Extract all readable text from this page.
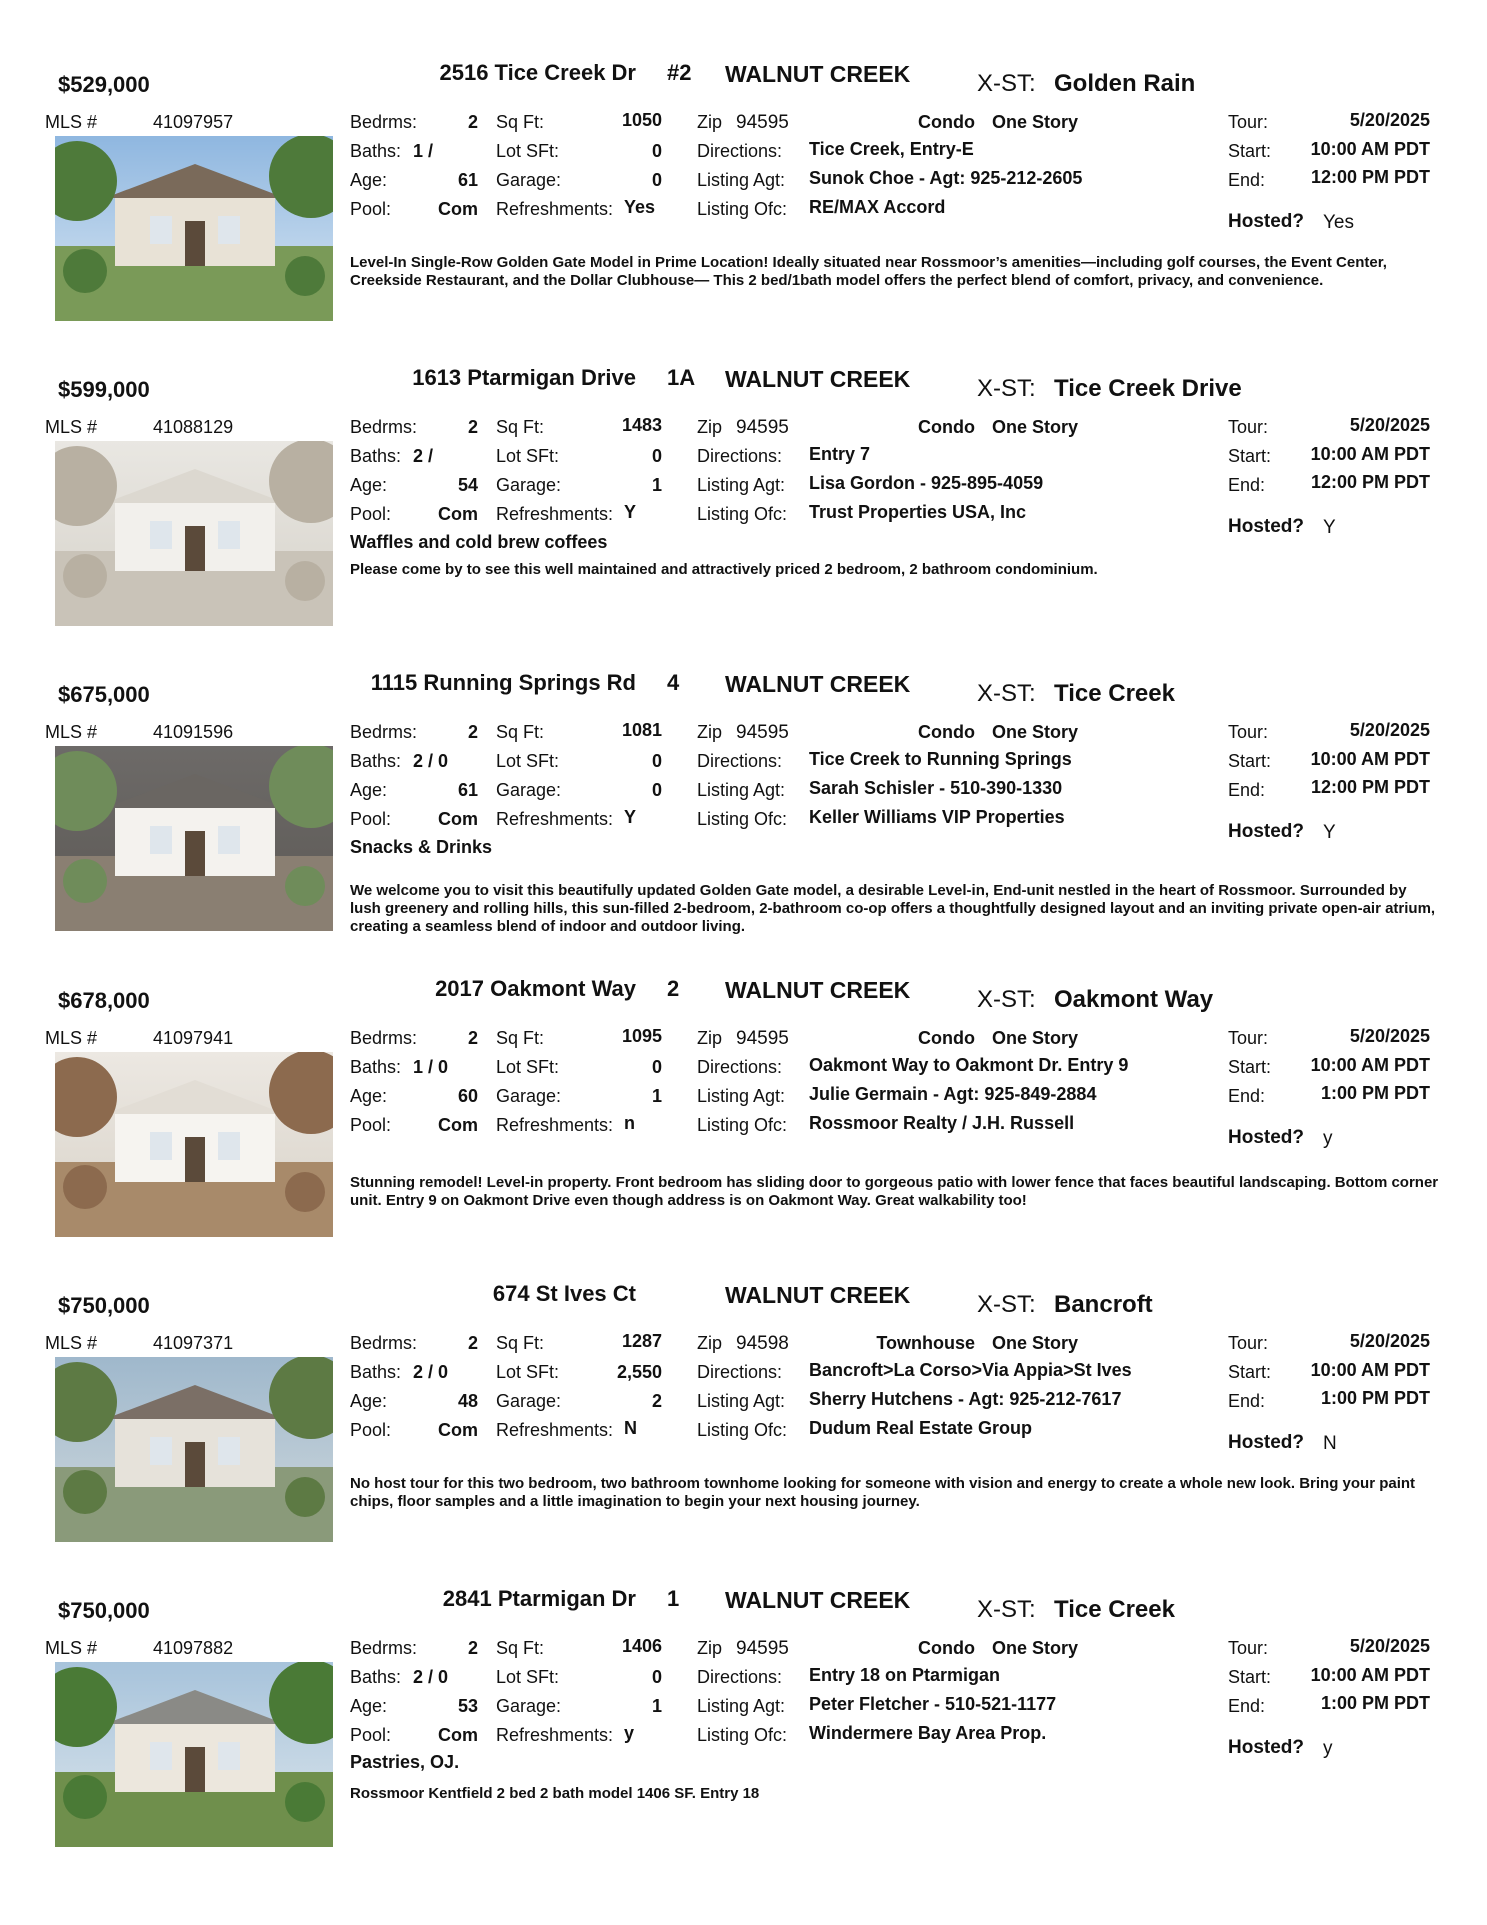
$529,000	2516 Tice Creek Dr #2 WALNUT CREEK	X-ST: Golden Rain
MLS #	41097957	Bedrms:	2
Baths: 1 /
Age:	61
Pool:	Com
Sq Ft:	1050
Lot SFt:	0
Garage:	0
Refreshments: Yes
Zip 94595	Condo One Story
Directions: Tice Creek, Entry-E
Listing Agt: Sunok Choe - Agt: 925-212-2605
Listing Ofc: RE/MAX Accord
Tour:	5/20/2025
Start:	10:00 AM PDT
End:	12:00 PM PDT
Hosted? Yes
Level-In Single-Row Golden Gate Model in Prime Location! Ideally situated near Rossmoor’s amenities—including golf courses, the Event Center, Creekside Restaurant, and the Dollar Clubhouse— This 2 bed/1bath model offers the perfect blend of comfort, privacy, and convenience.
$599,000	1613 Ptarmigan Drive 1A WALNUT CREEK	X-ST: Tice Creek Drive
MLS #	41088129	Bedrms:	2
Baths: 2 /
Age:	54
Pool:	Com
Sq Ft:	1483
Lot SFt:	0
Garage:	1
Refreshments: Y
Zip 94595	Condo One Story
Directions: Entry 7
Listing Agt: Lisa Gordon - 925-895-4059
Listing Ofc: Trust Properties USA, Inc
Tour:	5/20/2025
Start:	10:00 AM PDT
End:	12:00 PM PDT
Hosted? Y
Waffles and cold brew coffees
Please come by to see this well maintained and attractively priced 2 bedroom, 2 bathroom condominium.
$675,000	1115 Running Springs Rd 4 WALNUT CREEK	X-ST: Tice Creek
MLS #	41091596	Bedrms:	2
Baths: 2 / 0
Age:	61
Pool:	Com
Sq Ft:	1081
Lot SFt:	0
Garage:	0
Refreshments: Y
Zip 94595	Condo One Story
Directions: Tice Creek to Running Springs
Listing Agt: Sarah Schisler - 510-390-1330
Listing Ofc: Keller Williams VIP Properties
Tour:	5/20/2025
Start:	10:00 AM PDT
End:	12:00 PM PDT
Hosted? Y
Snacks & Drinks
We welcome you to visit this beautifully updated Golden Gate model, a desirable Level-in, End-unit nestled in the heart of Rossmoor. Surrounded by lush greenery and rolling hills, this sun-filled 2-bedroom, 2-bathroom co-op offers a thoughtfully designed layout and an inviting private open-air atrium, creating a seamless blend of indoor and outdoor living.
$678,000	2017 Oakmont Way 2 WALNUT CREEK	X-ST: Oakmont Way
MLS #	41097941	Bedrms:	2
Baths: 1 / 0
Age:	60
Pool:	Com
Sq Ft:	1095
Lot SFt:	0
Garage:	1
Refreshments: n
Zip 94595	Condo One Story
Directions: Oakmont Way to Oakmont Dr. Entry 9
Listing Agt: Julie Germain - Agt: 925-849-2884
Listing Ofc: Rossmoor Realty / J.H. Russell
Tour:	5/20/2025
Start:	10:00 AM PDT
End:	1:00 PM PDT
Hosted? y
Stunning remodel! Level-in property. Front bedroom has sliding door to gorgeous patio with lower fence that faces beautiful landscaping. Bottom corner unit. Entry 9 on Oakmont Drive even though address is on Oakmont Way. Great walkability too!
$750,000	674 St Ives Ct	WALNUT CREEK	X-ST: Bancroft
MLS #	41097371	Bedrms:	2
Baths: 2 / 0
Age:	48
Pool:	Com
Sq Ft:	1287
Lot SFt:	2,550
Garage:	2
Refreshments: N
Zip 94598	Townhouse One Story
Directions: Bancroft>La Corso>Via Appia>St Ives
Listing Agt: Sherry Hutchens - Agt: 925-212-7617
Listing Ofc: Dudum Real Estate Group
Tour:	5/20/2025
Start:	10:00 AM PDT
End:	1:00 PM PDT
Hosted? N
No host tour for this two bedroom, two bathroom townhome looking for someone with vision and energy to create a whole new look. Bring your paint chips, floor samples and a little imagination to begin your next housing journey.
$750,000	2841 Ptarmigan Dr 1 WALNUT CREEK	X-ST: Tice Creek
MLS #	41097882	Bedrms:	2
Baths: 2 / 0
Age:	53
Pool:	Com
Sq Ft:	1406
Lot SFt:	0
Garage:	1
Refreshments: y
Zip 94595	Condo One Story
Directions: Entry 18 on Ptarmigan
Listing Agt: Peter Fletcher - 510-521-1177
Listing Ofc: Windermere Bay Area Prop.
Tour:	5/20/2025
Start:	10:00 AM PDT
End:	1:00 PM PDT
Hosted? y
Pastries, OJ.
Rossmoor Kentfield 2 bed 2 bath model 1406 SF. Entry 18
